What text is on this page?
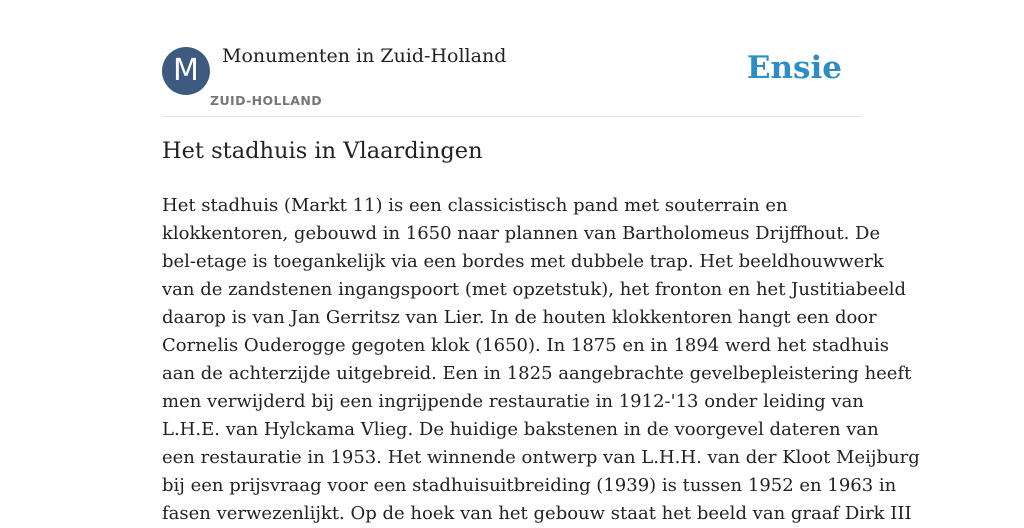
M	Monumenten in Zuid-Holland
ZUID-HOLLAND
Ensie
Het stadhuis in Vlaardingen

Het stadhuis (Markt 11) is een classicistisch pand met souterrain en
klokkentoren, gebouwd in 1650 naar plannen van Bartholomeus Drijffhout. De
bel-etage is toegankelijk via een bordes met dubbele trap. Het beeldhouwwerk
van de zandstenen ingangspoort (met opzetstuk), het fronton en het Justitiabeeld
daarop is van Jan Gerritsz van Lier. In de houten klokkentoren hangt een door
Cornelis Ouderogge gegoten klok (1650). In 1875 en in 1894 werd het stadhuis
aan de achterzijde uitgebreid. Een in 1825 aangebrachte gevelbepleistering heeft
men verwijderd bij een ingrijpende restauratie in 1912-'13 onder leiding van
L.H.E. van Hylckama Vlieg. De huidige bakstenen in de voorgevel dateren van
een restauratie in 1953. Het winnende ontwerp van L.H.H. van der Kloot Meijburg
bij een prijsvraag voor een stadhuisuitbreiding (1939) is tussen 1952 en 1963 in
fasen verwezenlijkt. Op de hoek van het gebouw staat het beeld van graaf Dirk III
